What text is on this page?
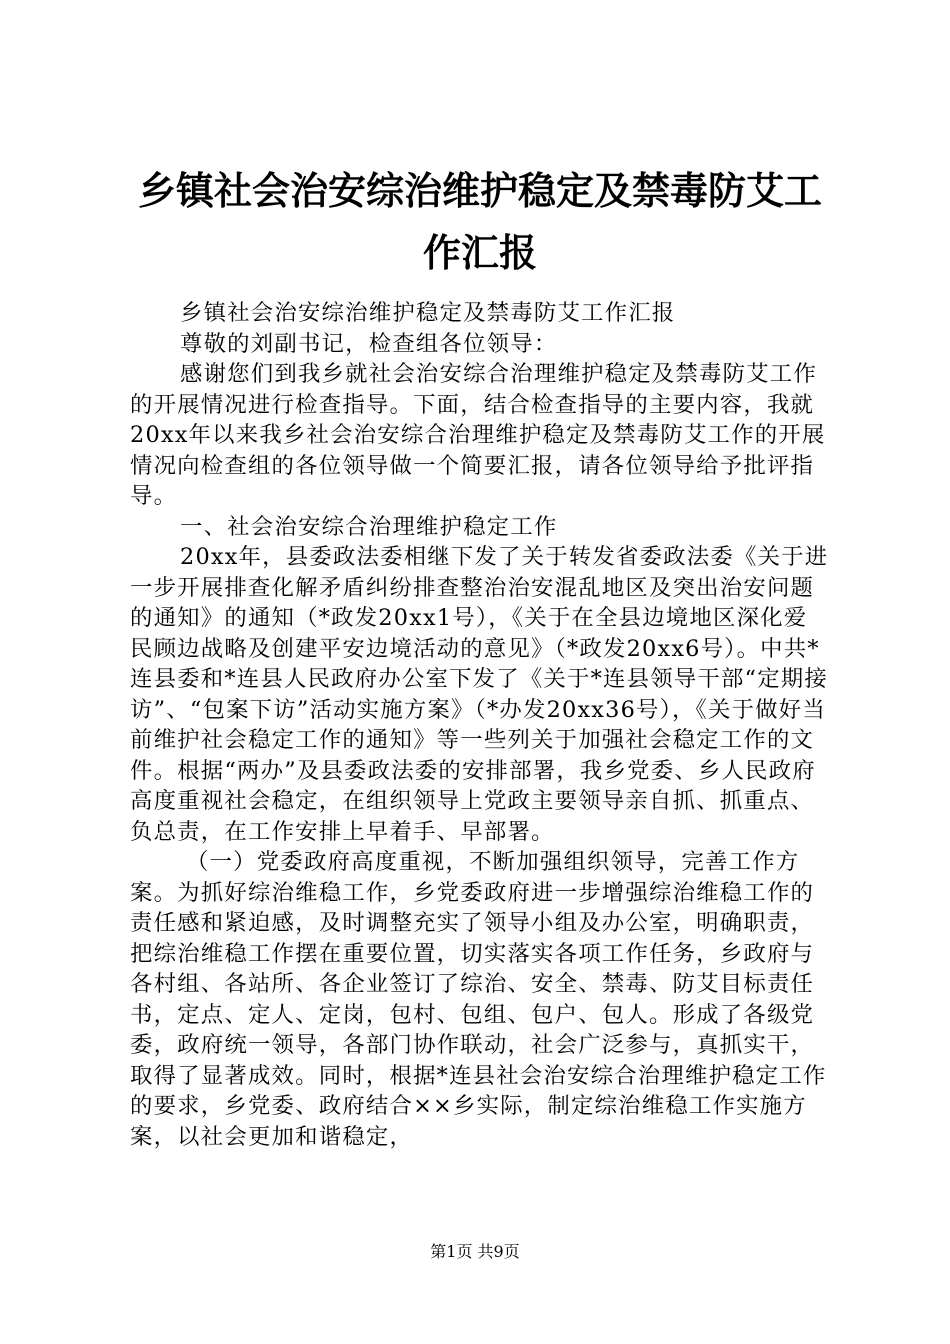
乡镇社会治安综治维护稳定及禁毒防艾工作汇报

乡镇社会治安综治维护稳定及禁毒防艾工作汇报

尊敬的刘副书记，检查组各位领导：

感谢您们到我乡就社会治安综合治理维护稳定及禁毒防艾工作的开展情况进行检查指导。下面，结合检查指导的主要内容，我就20xx年以来我乡社会治安综合治理维护稳定及禁毒防艾工作的开展情况向检查组的各位领导做一个简要汇报，请各位领导给予批评指导。

一、社会治安综合治理维护稳定工作

20xx年，县委政法委相继下发了关于转发省委政法委《关于进一步开展排查化解矛盾纠纷排查整治治安混乱地区及突出治安问题的通知》的通知（*政发20xx1号），《关于在全县边境地区深化爱民顾边战略及创建平安边境活动的意见》（*政发20xx6号）。中共*连县委和*连县人民政府办公室下发了《关于*连县领导干部“定期接访”、“包案下访”活动实施方案》（*办发20xx36号），《关于做好当前维护社会稳定工作的通知》等一些列关于加强社会稳定工作的文件。根据“两办”及县委政法委的安排部署，我乡党委、乡人民政府高度重视社会稳定，在组织领导上党政主要领导亲自抓、抓重点、负总责，在工作安排上早着手、早部署。

（一）党委政府高度重视，不断加强组织领导，完善工作方案。为抓好综治维稳工作，乡党委政府进一步增强综治维稳工作的责任感和紧迫感，及时调整充实了领导小组及办公室，明确职责，把综治维稳工作摆在重要位置，切实落实各项工作任务，乡政府与各村组、各站所、各企业签订了综治、安全、禁毒、防艾目标责任书，定点、定人、定岗，包村、包组、包户、包人。形成了各级党委，政府统一领导，各部门协作联动，社会广泛参与，真抓实干，取得了显著成效。同时，根据*连县社会治安综合治理维护稳定工作的要求，乡党委、政府结合××乡实际，制定综治维稳工作实施方案，以社会更加和谐稳定，

第1页 共9页
